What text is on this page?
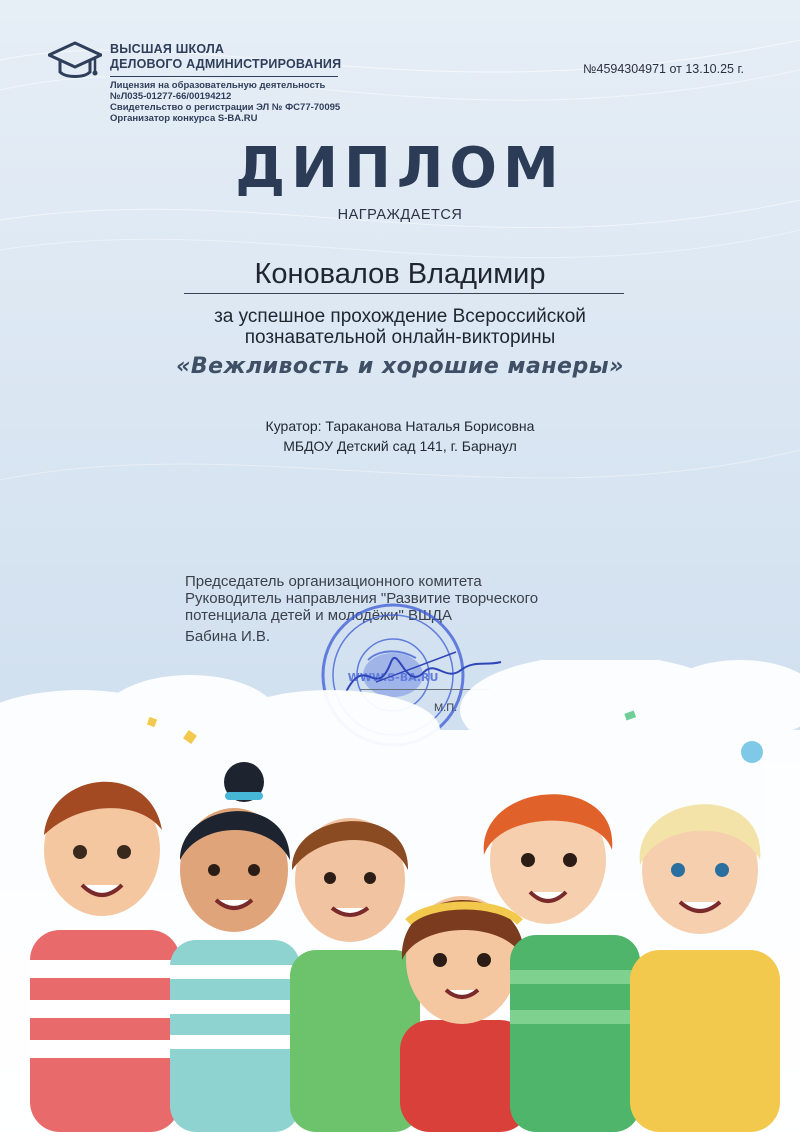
ВЫСШАЯ ШКОЛА
ДЕЛОВОГО АДМИНИСТРИРОВАНИЯ
Лицензия на образовательную деятельность
№Л035-01277-66/00194212
Свидетельство о регистрации ЭЛ № ФС77-70095
Организатор конкурса S-BA.RU
№4594304971 от 13.10.25 г.
ДИПЛОМ
НАГРАЖДАЕТСЯ
Коновалов Владимир
за успешное прохождение Всероссийской
познавательной онлайн-викторины
«Вежливость и хорошие манеры»
Куратор: Тараканова Наталья Борисовна
МБДОУ Детский сад 141, г. Барнаул
Председатель организационного комитета
Руководитель направления "Развитие творческого
потенциала детей и молодёжи" ВШДА
Бабина И.В.
WWW.S-BA.RU
М.П.
